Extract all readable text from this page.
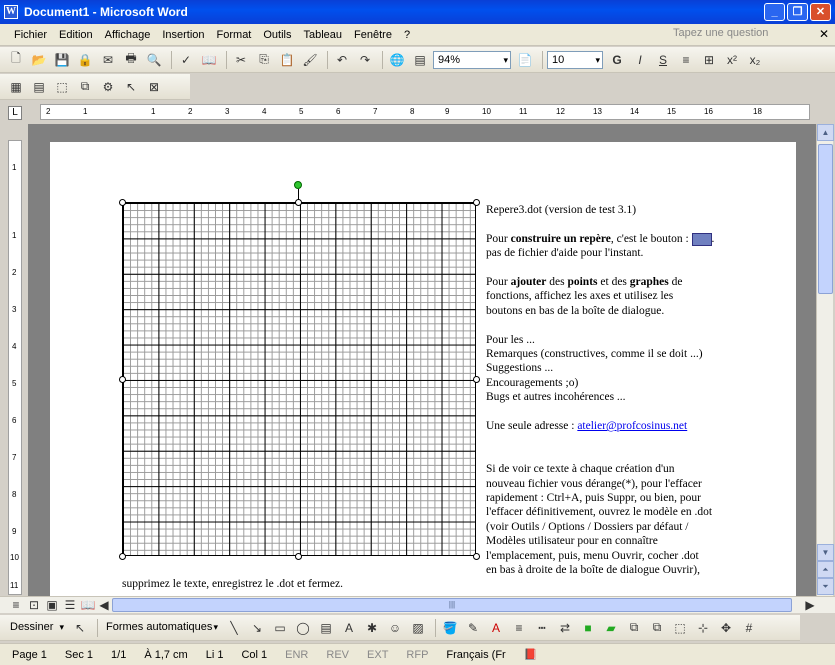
W Document1 - Microsoft Word	_	❐	✕
Fichier	Edition	Affichage	Insertion	Format	Outils	Tableau	Fenêtre	?	Tapez une question	✕
🗋 📂 💾 🔒 ✉	🖶 🔍	✓ 📖	✂	⎘ 📋 🖌	↶	↷	🌐 ▤	94% ▾	📄	10 ▾	G I S	≡	⊞	x²	x₂
▦ ▤ ⬚	⧉	⚙	↖	⊠
L	2	1	1	2	3	4	5	6	7	8	9	10	11	12	13	14	15	16	18
1
1
2
3
4
5
6
7
8
9
10
11

Repere3.dot (version de test 3.1)

Pour construire un repère, c'est le bouton : .
pas de fichier d'aide pour l'instant.

Pour ajouter des points et des graphes de
fonctions, affichez les axes et utilisez les
boutons en bas de la boîte de dialogue.

Pour les ...
Remarques (constructives, comme il se doit ...)
Suggestions ...
Encouragements ;o)
Bugs et autres incohérences ...

Une seule adresse : atelier@profcosinus.net

Si de voir ce texte à chaque création d'un
nouveau fichier vous dérange(*), pour l'effacer
rapidement : Ctrl+A, puis Suppr, ou bien, pour
l'effacer définitivement, ouvrez le modèle en .dot
(voir Outils / Options / Dossiers par défaut /
Modèles utilisateur pour en connaître
l'emplacement, puis, menu Ouvrir, cocher .dot
en bas à droite de la boîte de dialogue Ouvrir),

supprimez le texte, enregistrez le .dot et fermez.
▲
▼
⏶
⏷
≡ ⊡ ▣ ☰ 📖 ◀	|||	▶
Dessiner ▾	↖	Formes automatiques ▾	╲	↘	▭ ◯ ▤	A	✱ ☺ ▨	🪣 ✎	A	≡	┅	⇄	■	▰	⧉	⧉	⬚	⊹	✥	#
Page 1 Sec 1 1/1 À 1,7 cm Li 1 Col 1 ENR REV EXT RFP Français (Fr 📕
